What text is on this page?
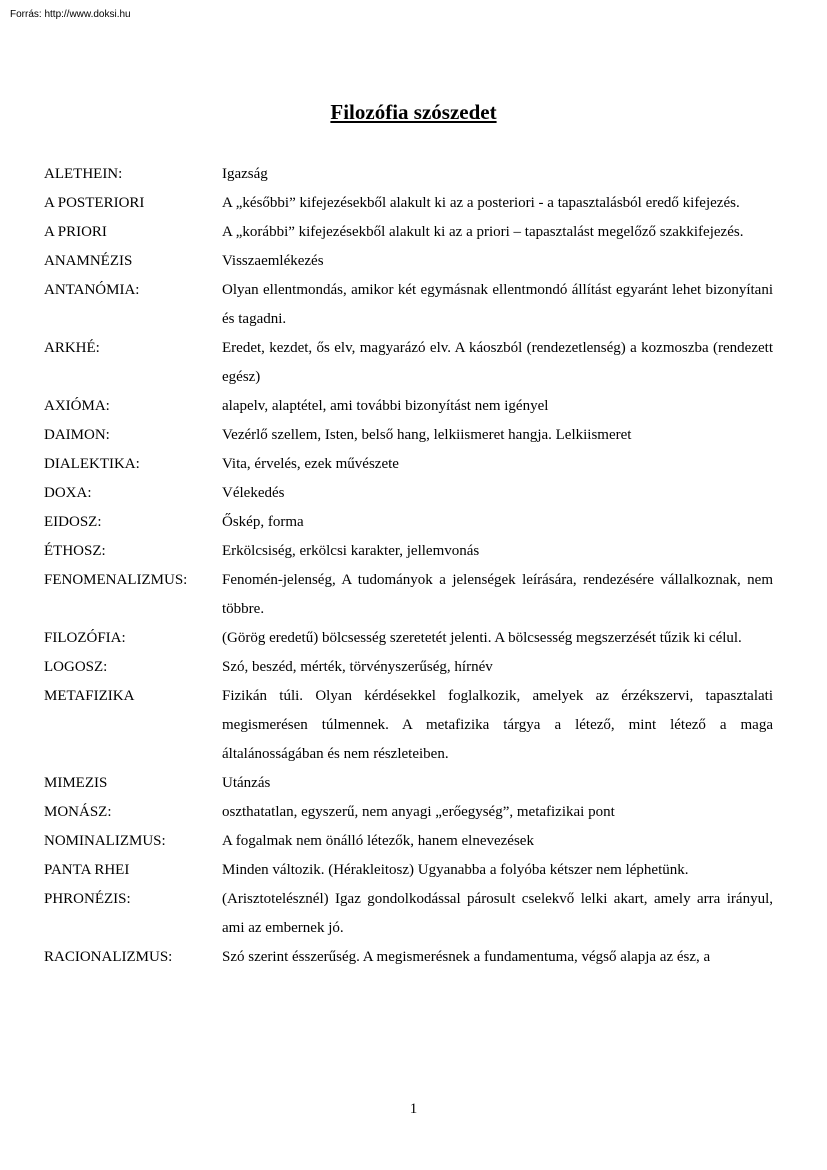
Forrás: http://www.doksi.hu
Filozófia szószedet
ALETHEIN:	Igazság
A POSTERIORI	A „későbbi” kifejezésekből alakult ki az a posteriori - a tapasztalásból eredő kifejezés.
A PRIORI	A „korábbi” kifejezésekből alakult ki az a priori – tapasztalást megelőző szakkifejezés.
ANAMNÉZIS	Visszaemlékezés
ANTANÓMIA:	Olyan ellentmondás, amikor két egymásnak ellentmondó állítást egyaránt lehet bizonyítani és tagadni.
ARKHÉ:	Eredet, kezdet, ős elv, magyarázó elv. A káoszból (rendezetlenség) a kozmoszba (rendezett egész)
AXIÓMA:	alapelv, alaptétel, ami további bizonyítást nem igényel
DAIMON:	Vezérlő szellem, Isten, belső hang, lelkiismeret hangja. Lelkiismeret
DIALEKTIKA:	Vita, érvelés, ezek művészete
DOXA:	Vélekedés
EIDOSZ:	Őskép, forma
ÉTHOSZ:	Erkölcsiség, erkölcsi karakter, jellemvonás
FENOMENALIZMUS:	Fenomén-jelenség, A tudományok a jelenségek leírására, rendezésére vállalkoznak, nem többre.
FILOZÓFIA:	(Görög eredetű) bölcsesség szeretetét jelenti. A bölcsesség megszerzését tűzik ki célul.
LOGOSZ:	Szó, beszéd, mérték, törvényszerűség, hírnév
METAFIZIKA	Fizikán túli. Olyan kérdésekkel foglalkozik, amelyek az érzékszervi, tapasztalati megismerésen túlmennek. A metafizika tárgya a létező, mint létező a maga általánosságában és nem részleteiben.
MIMEZIS	Utánzás
MONÁSZ:	oszthatatlan, egyszerű, nem anyagi „erőegység”, metafizikai pont
NOMINALIZMUS:	A fogalmak nem önálló létezők, hanem elnevezések
PANTA RHEI	Minden változik. (Hérakleitosz) Ugyanabba a folyóba kétszer nem léphetünk.
PHRONÉZIS:	(Arisztotelésznél) Igaz gondolkodással párosult cselekvő lelki akart, amely arra irányul, ami az embernek jó.
RACIONALIZMUS:	Szó szerint ésszerűség. A megismerésnek a fundamentuma, végső alapja az ész, a
1
